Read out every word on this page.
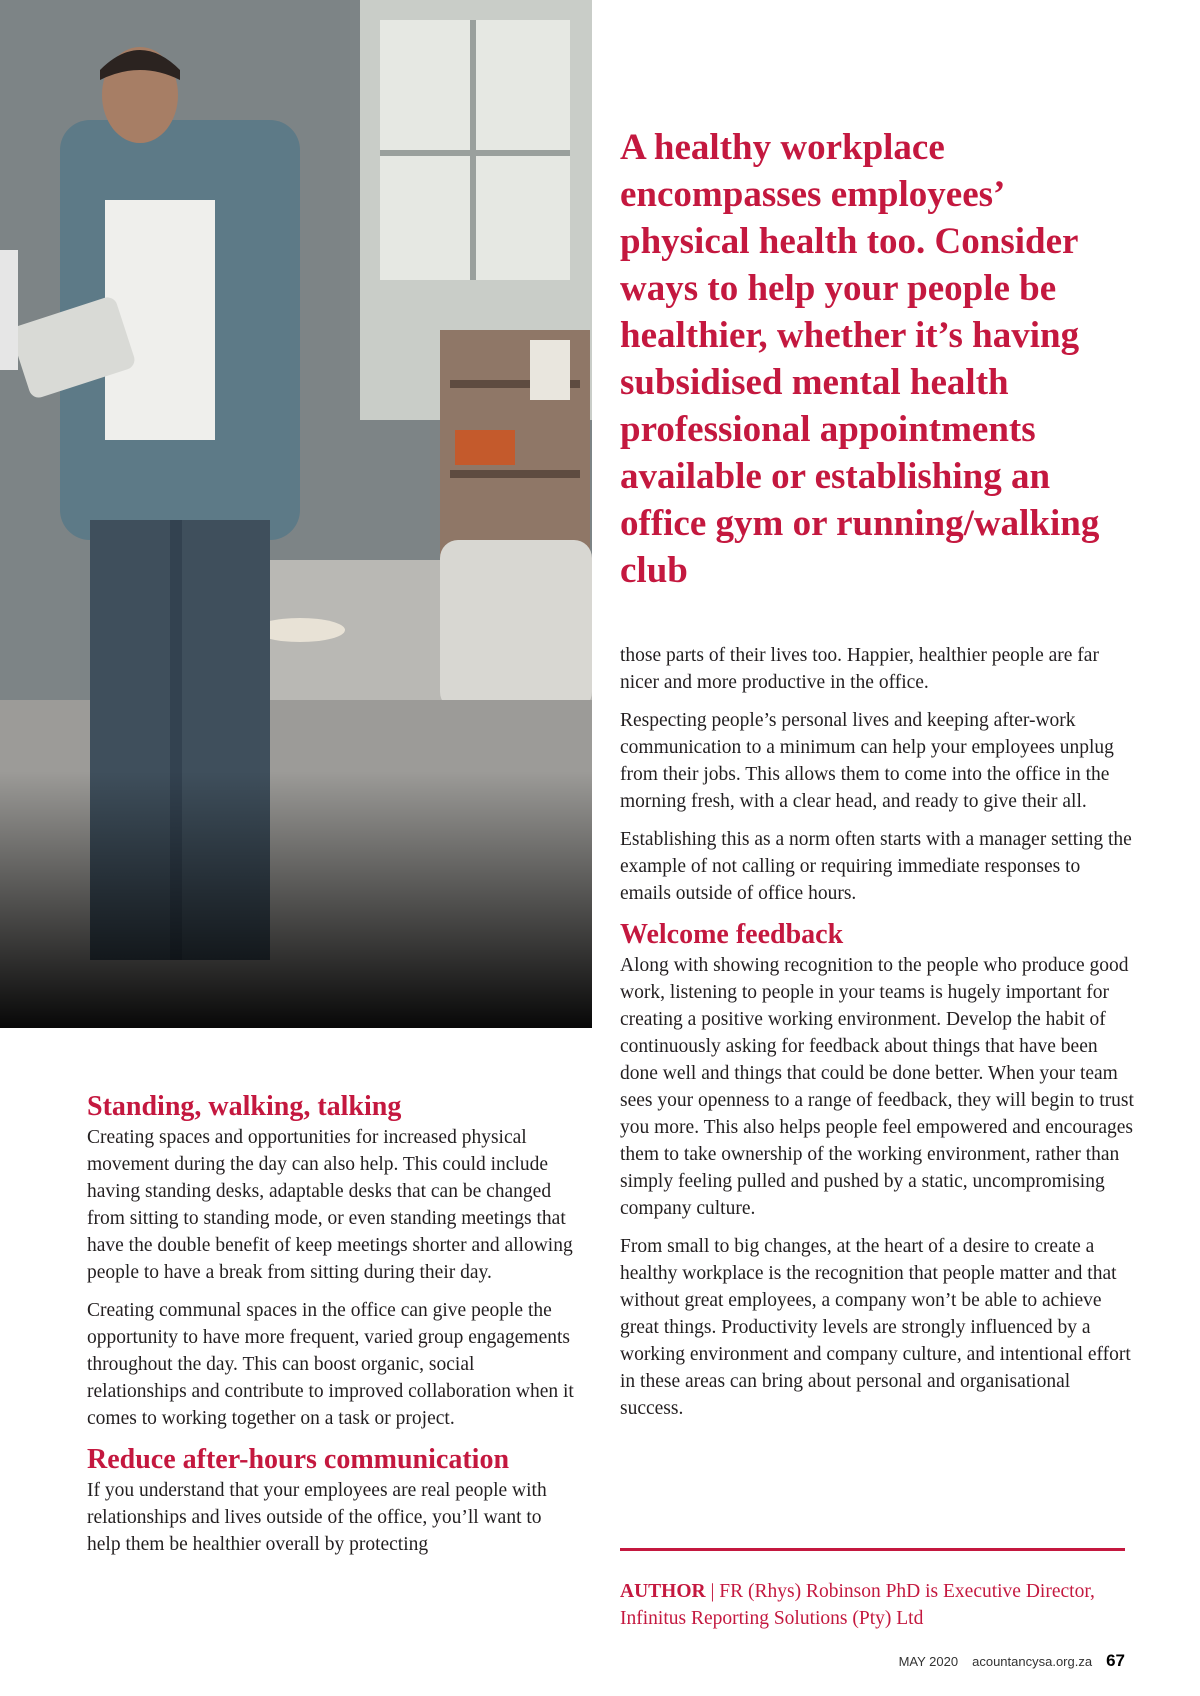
A healthy workplace encompasses employees’ physical health too. Consider ways to help your people be healthier, whether it’s having subsidised mental health professional appointments available or establishing an office gym or running/walking club
Standing, walking, talking

Creating spaces and opportunities for increased physical movement during the day can also help. This could include having standing desks, adaptable desks that can be changed from sitting to standing mode, or even standing meetings that have the double benefit of keep meetings shorter and allowing people to have a break from sitting during their day.

Creating communal spaces in the office can give people the opportunity to have more frequent, varied group engagements throughout the day. This can boost organic, social relationships and contribute to improved collaboration when it comes to working together on a task or project.

Reduce after-hours communication

If you understand that your employees are real people with relationships and lives outside of the office, you’ll want to help them be healthier overall by protecting

those parts of their lives too. Happier, healthier people are far nicer and more productive in the office.

Respecting people’s personal lives and keeping after-work communication to a minimum can help your employees unplug from their jobs. This allows them to come into the office in the morning fresh, with a clear head, and ready to give their all.

Establishing this as a norm often starts with a manager setting the example of not calling or requiring immediate responses to emails outside of office hours.

Welcome feedback

Along with showing recognition to the people who produce good work, listening to people in your teams is hugely important for creating a positive working environment. Develop the habit of continuously asking for feedback about things that have been done well and things that could be done better. When your team sees your openness to a range of feedback, they will begin to trust you more. This also helps people feel empowered and encourages them to take ownership of the working environment, rather than simply feeling pulled and pushed by a static, uncompromising company culture.

From small to big changes, at the heart of a desire to create a healthy workplace is the recognition that people matter and that without great employees, a company won’t be able to achieve great things. Productivity levels are strongly influenced by a working environment and company culture, and intentional effort in these areas can bring about personal and organisational success.

AUTHOR | FR (Rhys) Robinson PhD is Executive Director, Infinitus Reporting Solutions (Pty) Ltd
MAY 2020 acountancysa.org.za 67
